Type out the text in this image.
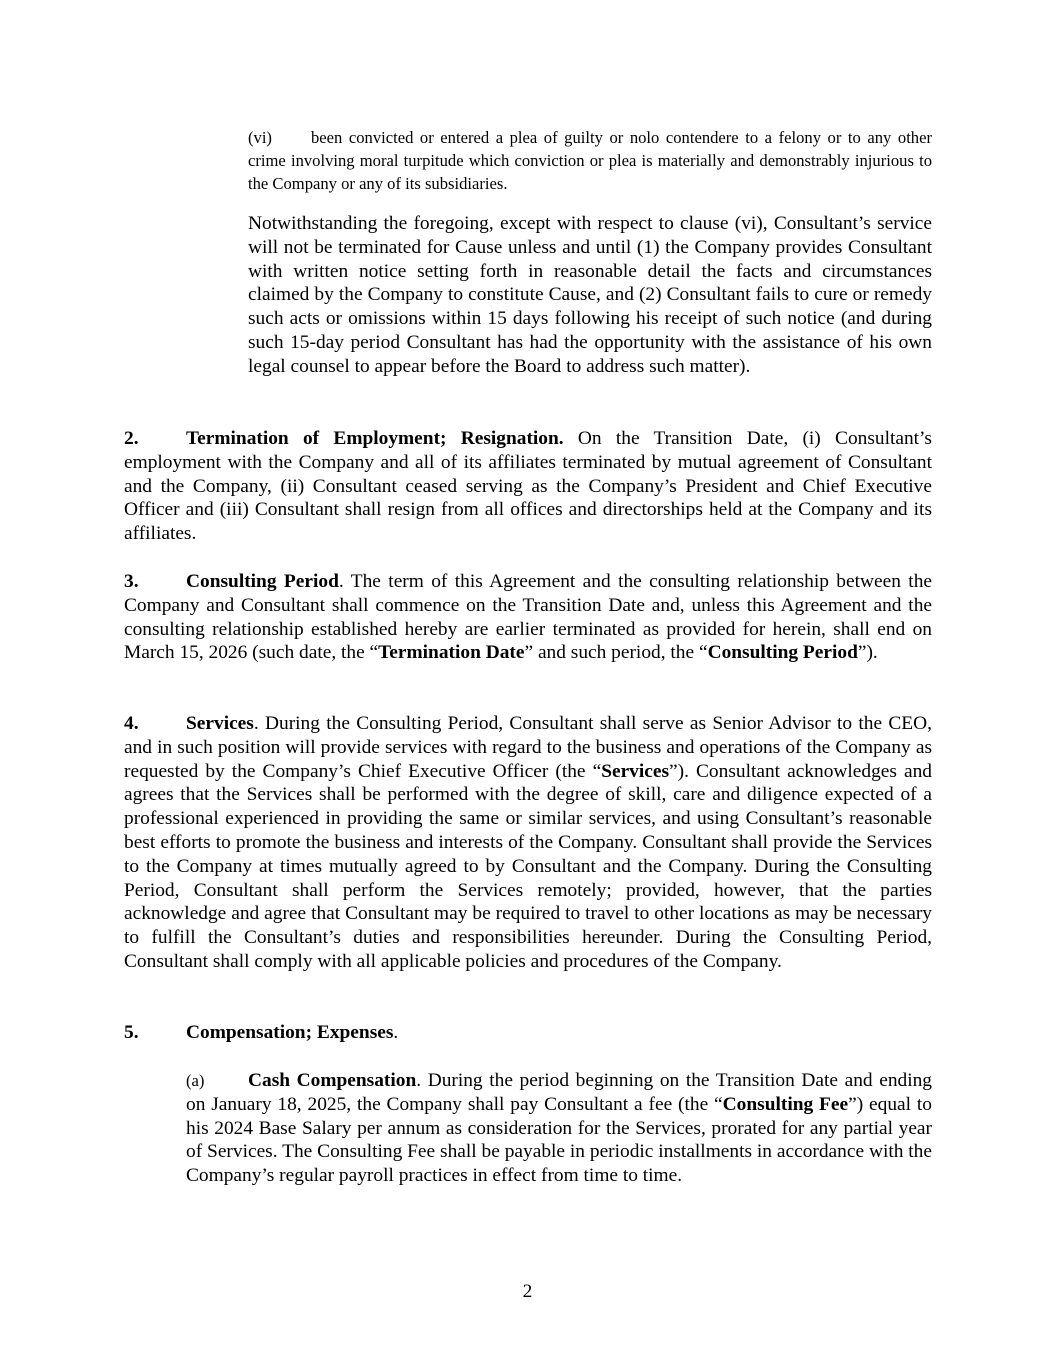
(vi) been convicted or entered a plea of guilty or nolo contendere to a felony or to any other crime involving moral turpitude which conviction or plea is materially and demonstrably injurious to the Company or any of its subsidiaries.
Notwithstanding the foregoing, except with respect to clause (vi), Consultant’s service will not be terminated for Cause unless and until (1) the Company provides Consultant with written notice setting forth in reasonable detail the facts and circumstances claimed by the Company to constitute Cause, and (2) Consultant fails to cure or remedy such acts or omissions within 15 days following his receipt of such notice (and during such 15-day period Consultant has had the opportunity with the assistance of his own legal counsel to appear before the Board to address such matter).
2. Termination of Employment; Resignation. On the Transition Date, (i) Consultant’s employment with the Company and all of its affiliates terminated by mutual agreement of Consultant and the Company, (ii) Consultant ceased serving as the Company’s President and Chief Executive Officer and (iii) Consultant shall resign from all offices and directorships held at the Company and its affiliates.
3. Consulting Period. The term of this Agreement and the consulting relationship between the Company and Consultant shall commence on the Transition Date and, unless this Agreement and the consulting relationship established hereby are earlier terminated as provided for herein, shall end on March 15, 2026 (such date, the “Termination Date” and such period, the “Consulting Period”).
4. Services. During the Consulting Period, Consultant shall serve as Senior Advisor to the CEO, and in such position will provide services with regard to the business and operations of the Company as requested by the Company’s Chief Executive Officer (the “Services”). Consultant acknowledges and agrees that the Services shall be performed with the degree of skill, care and diligence expected of a professional experienced in providing the same or similar services, and using Consultant’s reasonable best efforts to promote the business and interests of the Company. Consultant shall provide the Services to the Company at times mutually agreed to by Consultant and the Company. During the Consulting Period, Consultant shall perform the Services remotely; provided, however, that the parties acknowledge and agree that Consultant may be required to travel to other locations as may be necessary to fulfill the Consultant’s duties and responsibilities hereunder. During the Consulting Period, Consultant shall comply with all applicable policies and procedures of the Company.
5. Compensation; Expenses.
(a) Cash Compensation. During the period beginning on the Transition Date and ending on January 18, 2025, the Company shall pay Consultant a fee (the “Consulting Fee”) equal to his 2024 Base Salary per annum as consideration for the Services, prorated for any partial year of Services. The Consulting Fee shall be payable in periodic installments in accordance with the Company’s regular payroll practices in effect from time to time.
2
